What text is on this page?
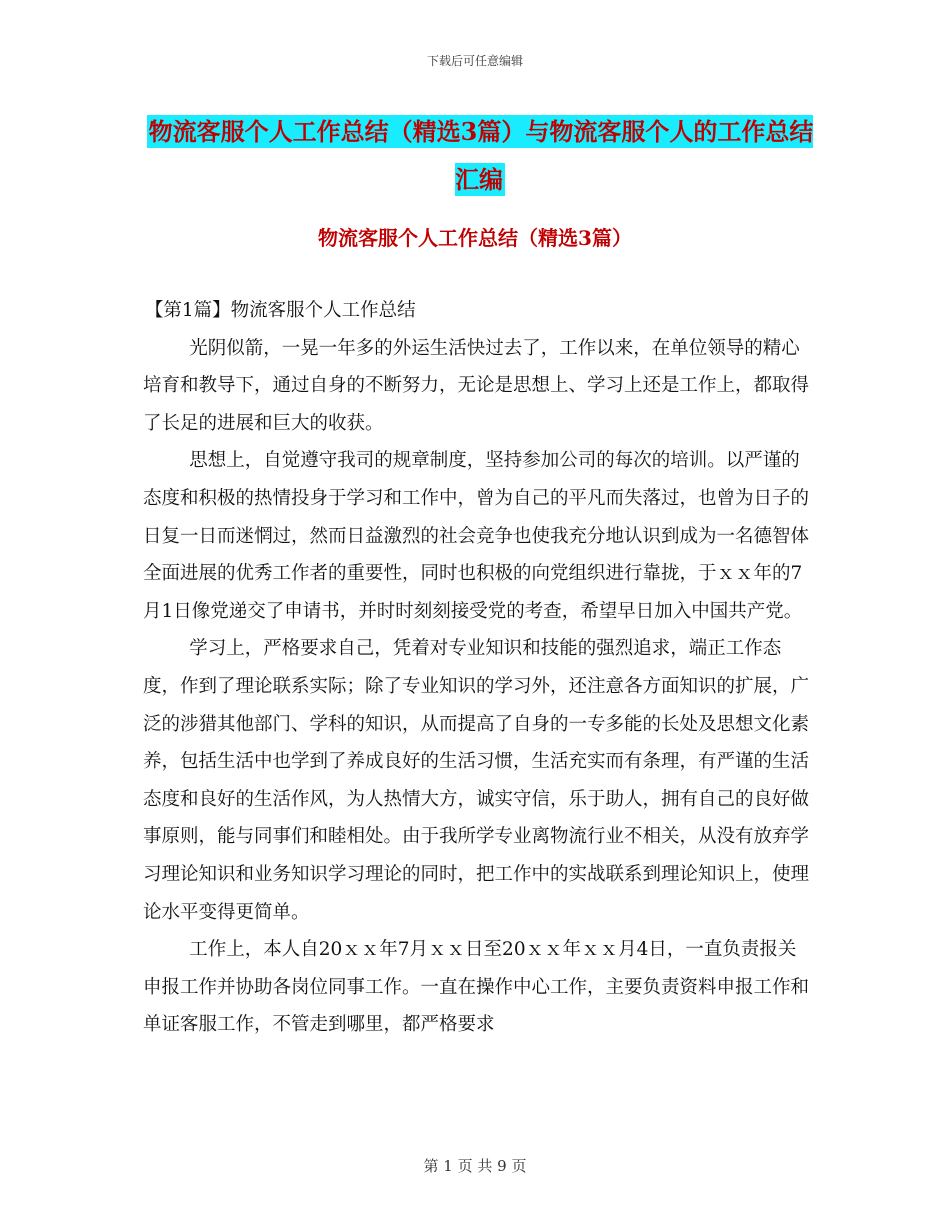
下载后可任意编辑
物流客服个人工作总结（精选3篇）与物流客服个人的工作总结汇编
物流客服个人工作总结（精选3篇）

【第1篇】物流客服个人工作总结

光阴似箭，一晃一年多的外运生活快过去了，工作以来，在单位领导的精心培育和教导下，通过自身的不断努力，无论是思想上、学习上还是工作上，都取得了长足的进展和巨大的收获。

思想上，自觉遵守我司的规章制度，坚持参加公司的每次的培训。以严谨的态度和积极的热情投身于学习和工作中，曾为自己的平凡而失落过，也曾为日子的日复一日而迷惘过，然而日益激烈的社会竞争也使我充分地认识到成为一名德智体全面进展的优秀工作者的重要性，同时也积极的向党组织进行靠拢，于ｘｘ年的7月1日像党递交了申请书，并时时刻刻接受党的考查，希望早日加入中国共产党。

学习上，严格要求自己，凭着对专业知识和技能的强烈追求，端正工作态度，作到了理论联系实际；除了专业知识的学习外，还注意各方面知识的扩展，广泛的涉猎其他部门、学科的知识，从而提高了自身的一专多能的长处及思想文化素养，包括生活中也学到了养成良好的生活习惯，生活充实而有条理，有严谨的生活态度和良好的生活作风，为人热情大方，诚实守信，乐于助人，拥有自己的良好做事原则，能与同事们和睦相处。由于我所学专业离物流行业不相关，从没有放弃学习理论知识和业务知识学习理论的同时，把工作中的实战联系到理论知识上，使理论水平变得更简单。

工作上，本人自20ｘｘ年7月ｘｘ日至20ｘｘ年ｘｘ月4日，一直负责报关申报工作并协助各岗位同事工作。一直在操作中心工作，主要负责资料申报工作和单证客服工作，不管走到哪里，都严格要求

第 1 页 共 9 页
